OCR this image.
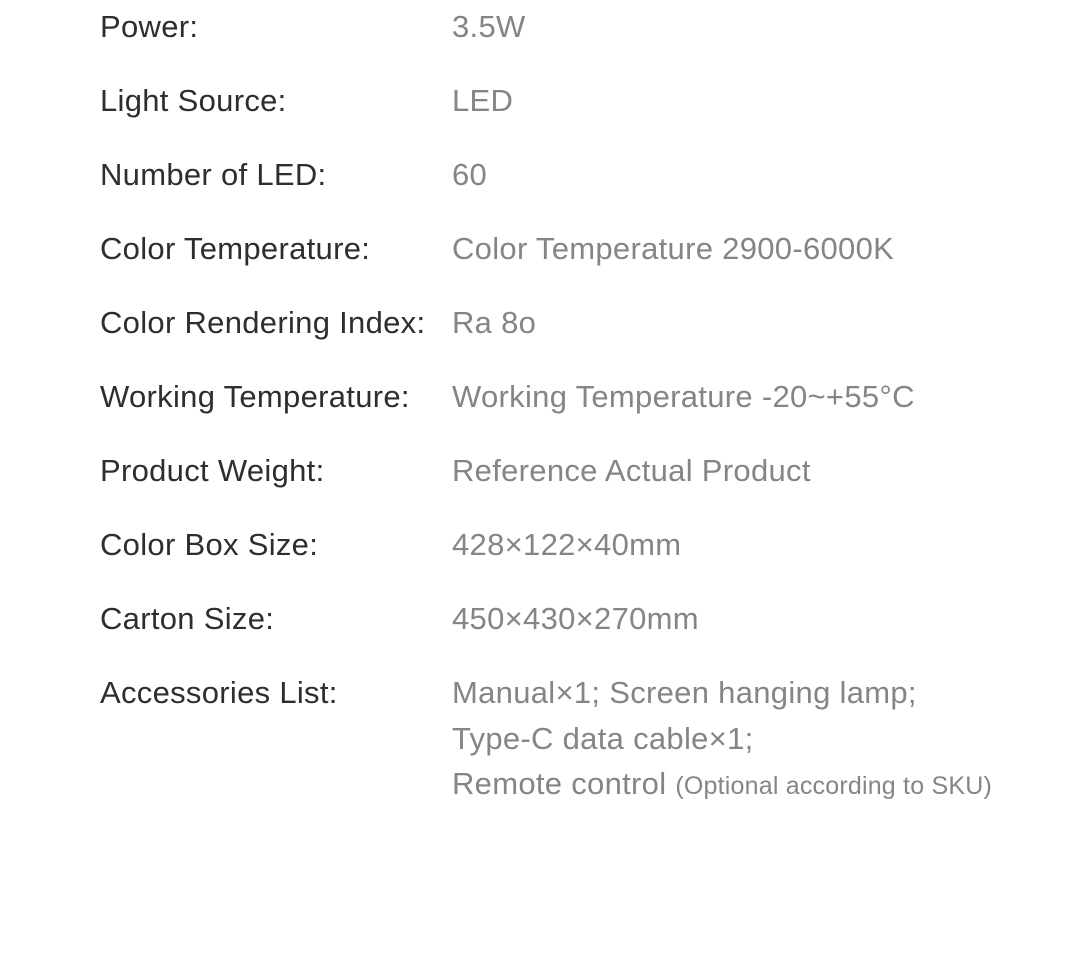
Power:	3.5W
Light Source:	LED
Number of LED:	60
Color Temperature:	Color Temperature 2900-6000K
Color Rendering Index: Ra 8o
Working Temperature:	Working Temperature -20~+55°C
Product Weight:	Reference Actual Product
Color Box Size:	428×122×40mm
Carton Size:	450×430×270mm
Accessories List:	Manual×1; Screen hanging lamp;
Type-C data cable×1;
Remote control (Optional according to SKU)
